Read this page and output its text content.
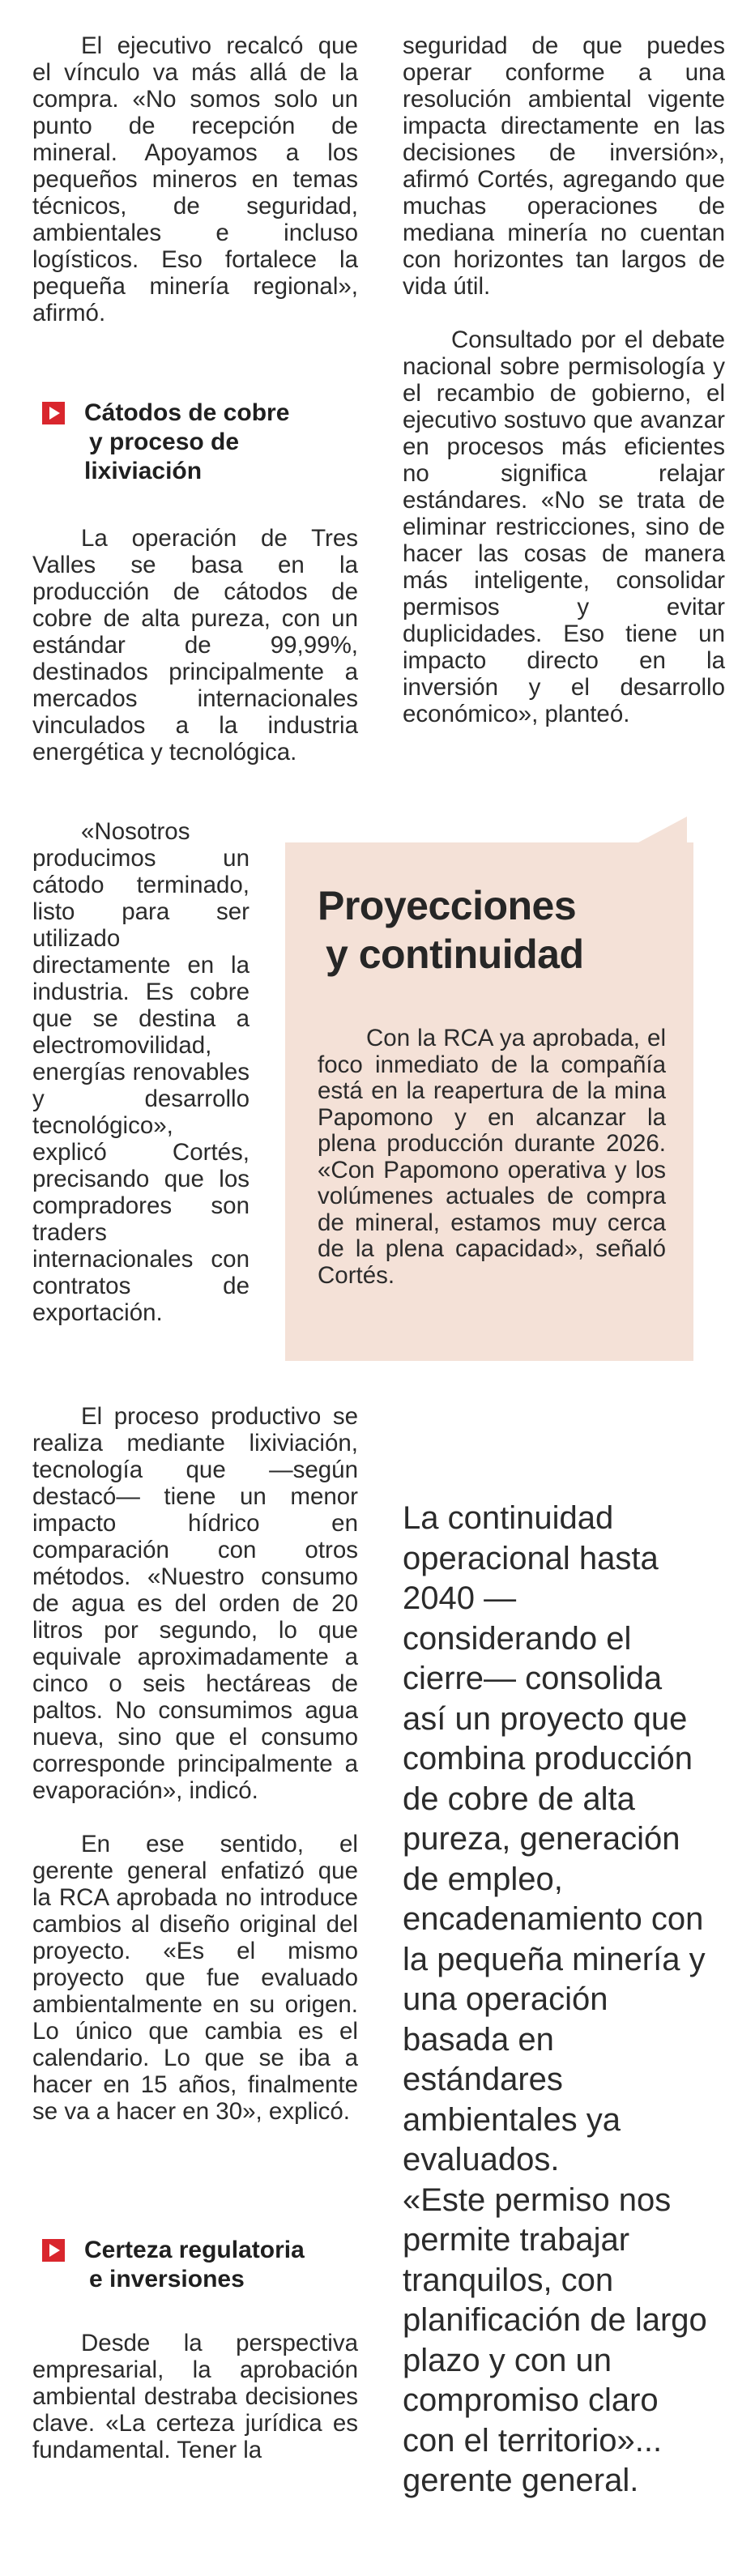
El ejecutivo recalcó que el vínculo va más allá de la compra. «No somos solo un punto de recepción de mineral. Apoyamos a los pequeños mineros en temas técnicos, de seguridad, ambientales e incluso logísticos. Eso fortalece la pequeña minería regional», afirmó.

Cátodos de cobre
y proceso de
lixiviación

La operación de Tres Valles se basa en la producción de cátodos de cobre de alta pureza, con un estándar de 99,99%, destinados principalmente a mercados internacionales vinculados a la industria energética y tecnológica.

«Nosotros producimos un cátodo terminado, listo para ser utilizado directamente en la industria. Es cobre que se destina a electromovilidad, energías renovables y desarrollo tecnológico», explicó Cortés, precisando que los compradores son traders internacionales con contratos de exportación.

El proceso productivo se realiza mediante lixiviación, tecnología que —según destacó— tiene un menor impacto hídrico en comparación con otros métodos. «Nuestro consumo de agua es del orden de 20 litros por segundo, lo que equivale aproximadamente a cinco o seis hectáreas de paltos. No consumimos agua nueva, sino que el consumo corresponde principalmente a evaporación», indicó.

En ese sentido, el gerente general enfatizó que la RCA aprobada no introduce cambios al diseño original del proyecto. «Es el mismo proyecto que fue evaluado ambientalmente en su origen. Lo único que cambia es el calendario. Lo que se iba a hacer en 15 años, finalmente se va a hacer en 30», explicó.

Certeza regulatoria
e inversiones

Desde la perspectiva empresarial, la aprobación ambiental destraba decisiones clave. «La certeza jurídica es fundamental. Tener la

seguridad de que puedes operar conforme a una resolución ambiental vigente impacta directamente en las decisiones de inversión», afirmó Cortés, agregando que muchas operaciones de mediana minería no cuentan con horizontes tan largos de vida útil.

Consultado por el debate nacional sobre permisología y el recambio de gobierno, el ejecutivo sostuvo que avanzar en procesos más eficientes no significa relajar estándares. «No se trata de eliminar restricciones, sino de hacer las cosas de manera más inteligente, consolidar permisos y evitar duplicidades. Eso tiene un impacto directo en la inversión y el desarrollo económico», planteó.

Proyecciones
y continuidad

Con la RCA ya aprobada, el foco inmediato de la compañía está en la reapertura de la mina Papomono y en alcanzar la plena producción durante 2026. «Con Papomono operativa y los volúmenes actuales de compra de mineral, estamos muy cerca de la plena capacidad», señaló Cortés.

La continuidad operacional hasta 2040 —considerando el cierre— consolida así un proyecto que combina producción de cobre de alta pureza, generación de empleo, encadenamiento con la pequeña minería y una operación basada en estándares ambientales ya evaluados.

«Este permiso nos permite trabajar tranquilos, con planificación de largo plazo y con un compromiso claro con el territorio»... gerente general.
